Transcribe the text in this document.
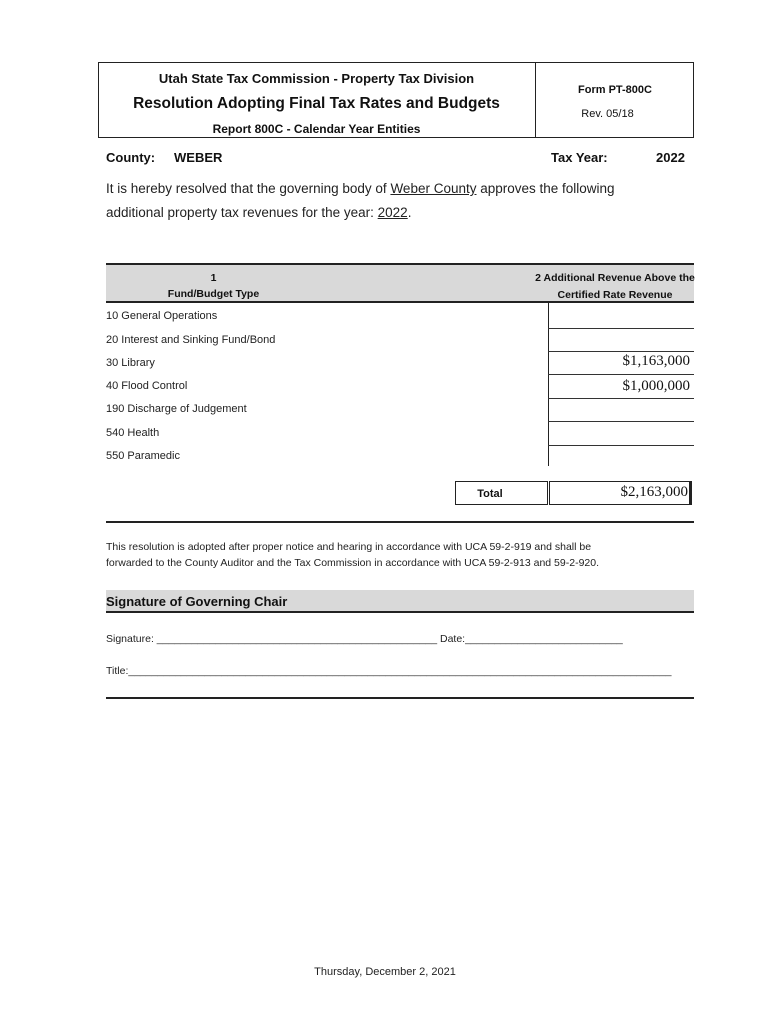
Utah State Tax Commission - Property Tax Division
Resolution Adopting Final Tax Rates and Budgets
Report 800C - Calendar Year Entities
Form PT-800C
Rev. 05/18
County: WEBER	Tax Year:	2022
It is hereby resolved that the governing body of Weber County approves the following
additional property tax revenues for the year: 2022.
1
Fund/Budget Type
2 Additional Revenue Above the
Certified Rate Revenue
10 General Operations
20 Interest and Sinking Fund/Bond
30 Library	$1,163,000
40 Flood Control	$1,000,000
190 Discharge of Judgement
540 Health
550 Paramedic
Total	$2,163,000
This resolution is adopted after proper notice and hearing in accordance with UCA 59-2-919 and shall be
forwarded to the County Auditor and the Tax Commission in accordance with UCA 59-2-913 and 59-2-920.
Signature of Governing Chair
Signature: ________________________________________________ Date:___________________________
Title:_____________________________________________________________________________________________
Thursday, December 2, 2021
